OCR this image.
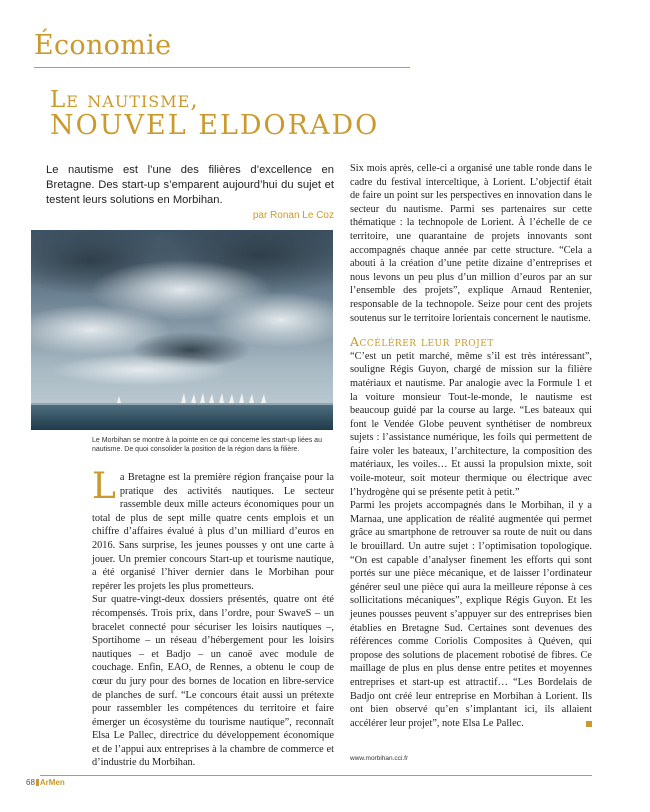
Économie
Le nautisme,
NOUVEL ELDORADO
Le nautisme est l’une des filières d’excellence en Bretagne. Des start-up s’emparent aujourd’hui du sujet et testent leurs solutions en Morbihan.
par Ronan Le Coz
Le Morbihan se montre à la pointe en ce qui concerne les start-up liées au nautisme. De quoi consolider la position de la région dans la filière.

La Bretagne est la première région française pour la pratique des activités nautiques. Le secteur rassemble deux mille acteurs économiques pour un total de plus de sept mille quatre cents emplois et un chiffre d’affaires évalué à plus d’un milliard d’euros en 2016. Sans surprise, les jeunes pousses y ont une carte à jouer. Un premier concours Start-up et tourisme nautique, a été organisé l’hiver dernier dans le Morbihan pour repérer les projets les plus prometteurs.

Sur quatre-vingt-deux dossiers présentés, quatre ont été récompensés. Trois prix, dans l’ordre, pour SwaveS – un bracelet connecté pour sécuriser les loisirs nautiques –, Sportihome – un réseau d’hébergement pour les loisirs nautiques – et Badjo – un canoë avec module de couchage. Enfin, EAO, de Rennes, a obtenu le coup de cœur du jury pour des bornes de location en libre-service de planches de surf. “Le concours était aussi un prétexte pour rassembler les compétences du territoire et faire émerger un écosystème du tourisme nautique”, reconnaît Elsa Le Pallec, directrice du développement économique et de l’appui aux entreprises à la chambre de commerce et d’industrie du Morbihan.

Six mois après, celle-ci a organisé une table ronde dans le cadre du festival interceltique, à Lorient. L’objectif était de faire un point sur les perspectives en innovation dans le secteur du nautisme. Parmi ses partenaires sur cette thématique : la technopole de Lorient. À l’échelle de ce territoire, une quarantaine de projets innovants sont accompagnés chaque année par cette structure. “Cela a abouti à la création d’une petite dizaine d’entreprises et nous levons un peu plus d’un million d’euros par an sur l’ensemble des projets”, explique Arnaud Rentenier, responsable de la technopole. Seize pour cent des projets soutenus sur le territoire lorientais concernent le nautisme.

Accélérer leur projet

“C’est un petit marché, même s’il est très intéressant”, souligne Régis Guyon, chargé de mission sur la filière matériaux et nautisme. Par analogie avec la Formule 1 et la voiture monsieur Tout-le-monde, le nautisme est beaucoup guidé par la course au large. “Les bateaux qui font le Vendée Globe peuvent synthétiser de nombreux sujets : l’assistance numérique, les foils qui permettent de faire voler les bateaux, l’architecture, la composition des matériaux, les voiles… Et aussi la propulsion mixte, soit voile-moteur, soit moteur thermique ou électrique avec l’hydrogène qui se présente petit à petit.”

Parmi les projets accompagnés dans le Morbihan, il y a Marnaa, une application de réalité augmentée qui permet grâce au smartphone de retrouver sa route de nuit ou dans le brouillard. Un autre sujet : l’optimisation topologique. “On est capable d’analyser finement les efforts qui sont portés sur une pièce mécanique, et de laisser l’ordinateur générer seul une pièce qui aura la meilleure réponse à ces sollicitations mécaniques”, explique Régis Guyon. Et les jeunes pousses peuvent s’appuyer sur des entreprises bien établies en Bretagne Sud. Certaines sont devenues des références comme Coriolis Composites à Quéven, qui propose des solutions de placement robotisé de fibres. Ce maillage de plus en plus dense entre petites et moyennes entreprises et start-up est attractif… “Les Bordelais de Badjo ont créé leur entreprise en Morbihan à Lorient. Ils ont bien observé qu’en s’implantant ici, ils allaient accélérer leur projet”, note Elsa Le Pallec.

www.morbihan.cci.fr
68 ArMen
